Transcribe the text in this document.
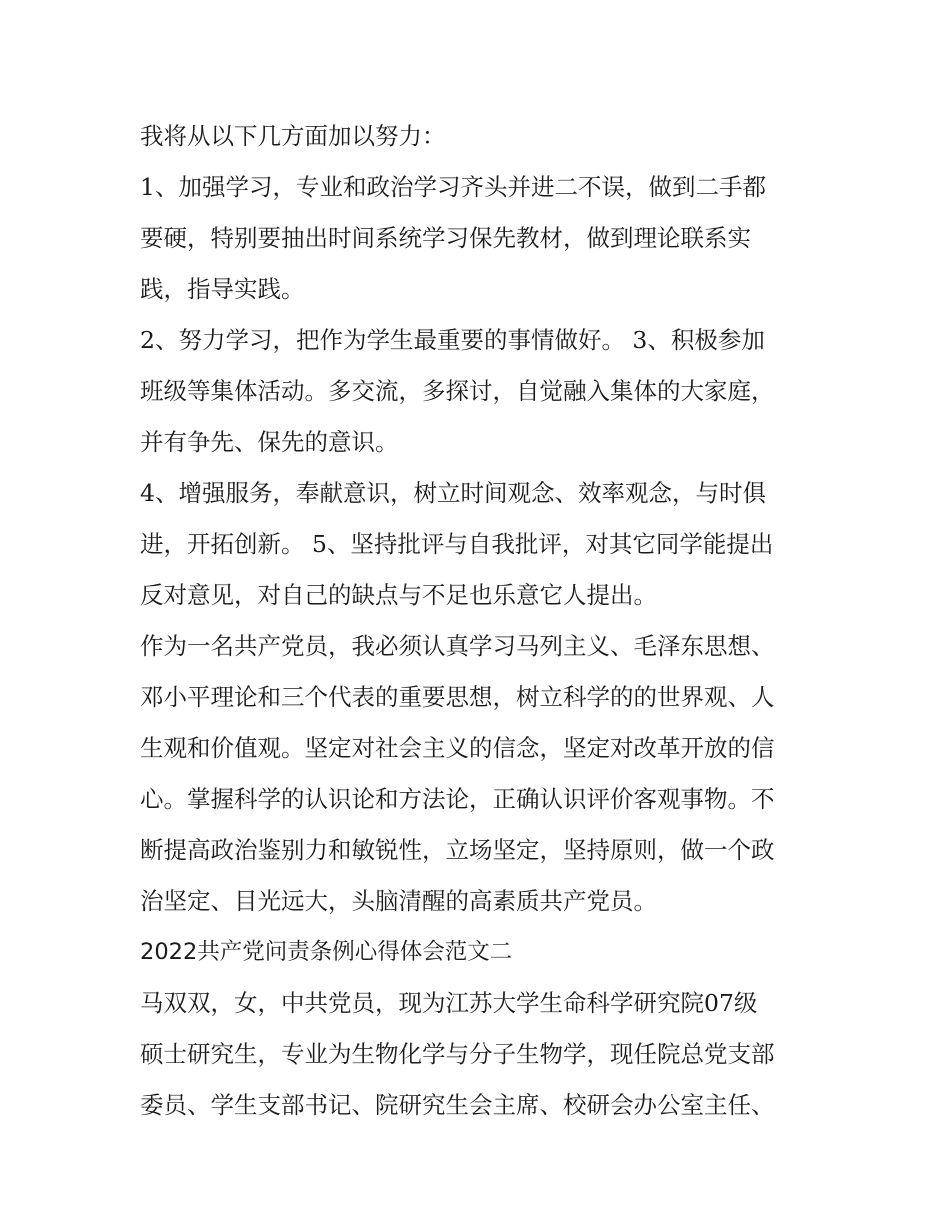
我将从以下几方面加以努力：

1、加强学习，专业和政治学习齐头并进二不误，做到二手都

要硬，特别要抽出时间系统学习保先教材，做到理论联系实

践，指导实践。

2、努力学习，把作为学生最重要的事情做好。 3、积极参加

班级等集体活动。多交流，多探讨，自觉融入集体的大家庭，

并有争先、保先的意识。

4、增强服务，奉献意识，树立时间观念、效率观念，与时俱

进，开拓创新。 5、坚持批评与自我批评，对其它同学能提出

反对意见，对自己的缺点与不足也乐意它人提出。

作为一名共产党员，我必须认真学习马列主义、毛泽东思想、

邓小平理论和三个代表的重要思想，树立科学的的世界观、人

生观和价值观。坚定对社会主义的信念，坚定对改革开放的信

心。掌握科学的认识论和方法论，正确认识评价客观事物。不

断提高政治鉴别力和敏锐性，立场坚定，坚持原则，做一个政

治坚定、目光远大，头脑清醒的高素质共产党员。

2022共产党问责条例心得体会范文二

马双双，女，中共党员，现为江苏大学生命科学研究院07级

硕士研究生，专业为生物化学与分子生物学，现任院总党支部

委员、学生支部书记、院研究生会主席、校研会办公室主任、
